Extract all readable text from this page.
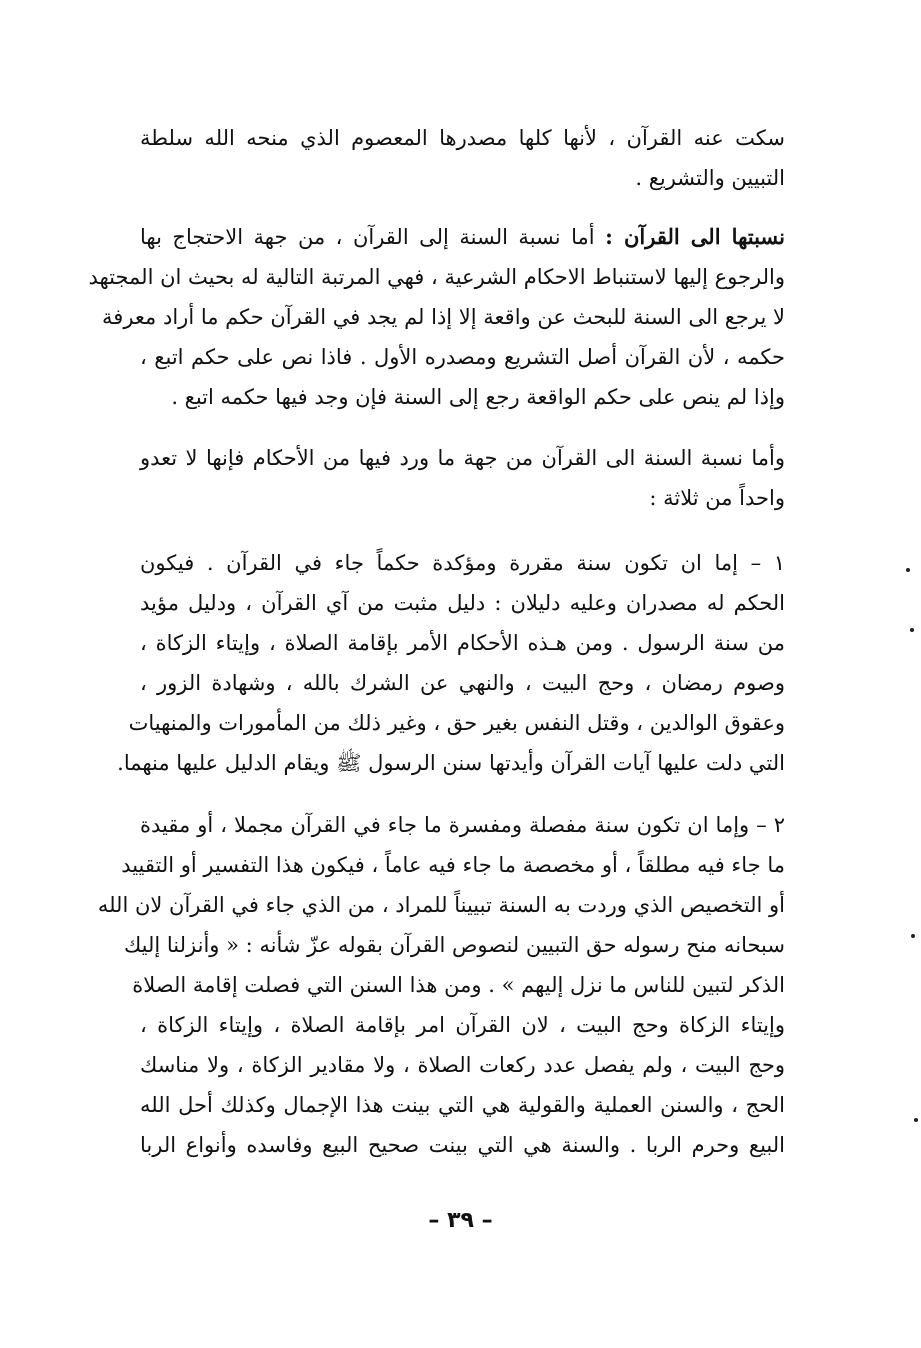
سكت عنه القرآن ، لأنها كلها مصدرها المعصوم الذي منحه الله سلطة
التبيين والتشريع .
نسبتها الى القرآن : أما نسبة السنة إلى القرآن ، من جهة الاحتجاج بها
والرجوع إليها لاستنباط الاحكام الشرعية ، فهي المرتبة التالية له بحيث ان المجتهد
لا يرجع الى السنة للبحث عن واقعة إلا إذا لم يجد في القرآن حكم ما أراد معرفة
حكمه ، لأن القرآن أصل التشريع ومصدره الأول . فاذا نص على حكم اتبع ،
وإذا لم ينص على حكم الواقعة رجع إلى السنة فإن وجد فيها حكمه اتبع .
وأما نسبة السنة الى القرآن من جهة ما ورد فيها من الأحكام فإنها لا تعدو
واحداً من ثلاثة :
١ – إما ان تكون سنة مقررة ومؤكدة حكماً جاء في القرآن . فيكون
الحكم له مصدران وعليه دليلان : دليل مثبت من آي القرآن ، ودليل مؤيد
من سنة الرسول . ومن هـذه الأحكام الأمر بإقامة الصلاة ، وإيتاء الزكاة ،
وصوم رمضان ، وحج البيت ، والنهي عن الشرك بالله ، وشهادة الزور ،
وعقوق الوالدين ، وقتل النفس بغير حق ، وغير ذلك من المأمورات والمنهيات
التي دلت عليها آيات القرآن وأيدتها سنن الرسول ﷺ ويقام الدليل عليها منهما.
٢ – وإما ان تكون سنة مفصلة ومفسرة ما جاء في القرآن مجملا ، أو مقيدة
ما جاء فيه مطلقاً ، أو مخصصة ما جاء فيه عاماً ، فيكون هذا التفسير أو التقييد
أو التخصيص الذي وردت به السنة تبييناً للمراد ، من الذي جاء في القرآن لان الله
سبحانه منح رسوله حق التبيين لنصوص القرآن بقوله عزّ شأنه : « وأنزلنا إليك
الذكر لتبين للناس ما نزل إليهم » . ومن هذا السنن التي فصلت إقامة الصلاة
وإيتاء الزكاة وحج البيت ، لان القرآن امر بإقامة الصلاة ، وإيتاء الزكاة ،
وحج البيت ، ولم يفصل عدد ركعات الصلاة ، ولا مقادير الزكاة ، ولا مناسك
الحج ، والسنن العملية والقولية هي التي بينت هذا الإجمال وكذلك أحل الله
البيع وحرم الربا . والسنة هي التي بينت صحيح البيع وفاسده وأنواع الربا
– ٣٩ –
